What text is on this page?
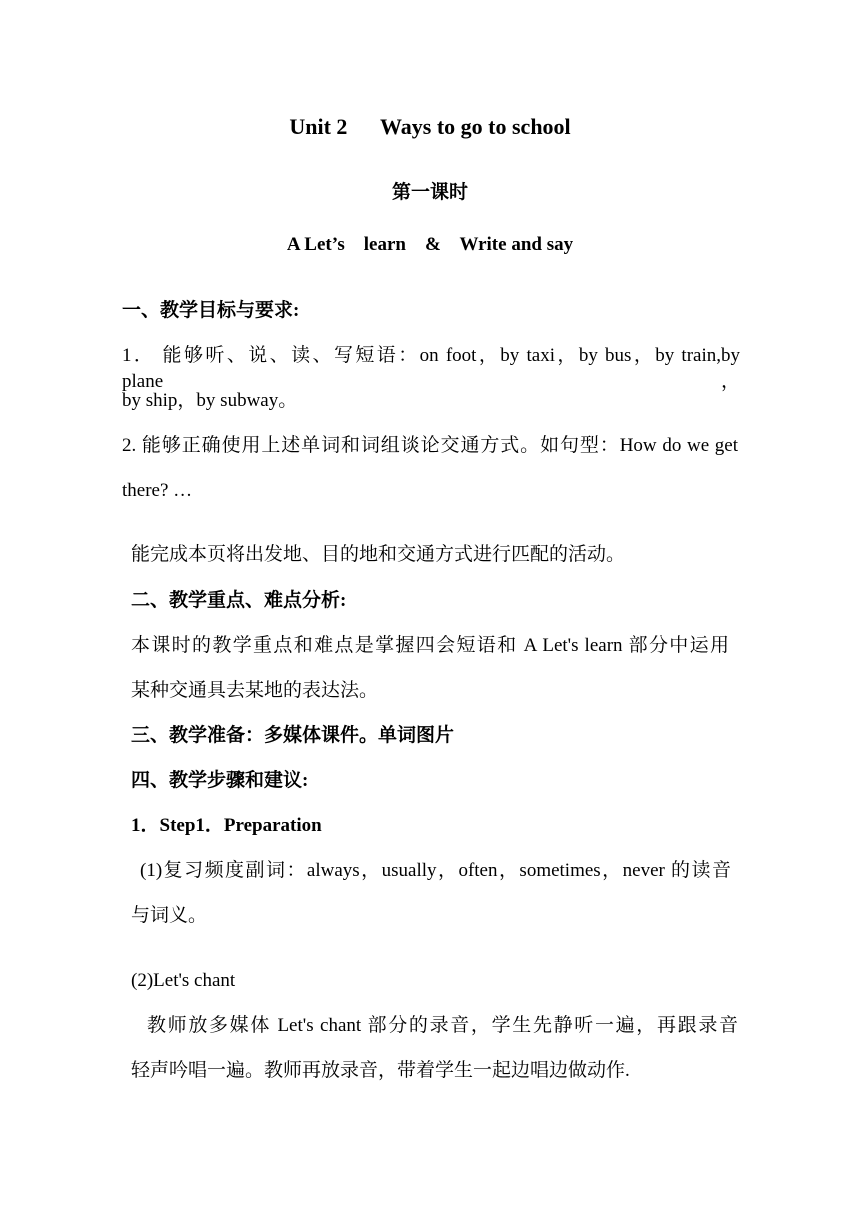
Unit 2      Ways to go to school
第一课时
A Let’s    learn    &    Write and say
一、教学目标与要求:
1． 能够听、说、读、写短语：on foot，by taxi，by bus，by train,by plane，
by ship，by subway。
2. 能够正确使用上述单词和词组谈论交通方式。如句型：How do we get
there? …
能完成本页将出发地、目的地和交通方式进行匹配的活动。
二、教学重点、难点分析:
本课时的教学重点和难点是掌握四会短语和 A Let's learn 部分中运用
某种交通具去某地的表达法。
三、教学准备：多媒体课件。单词图片
四、教学步骤和建议:
1．Step1．Preparation
(1)复习频度副词：always，usually，often，sometimes，never 的读音
与词义。
(2)Let's chant
教师放多媒体 Let's chant 部分的录音，学生先静听一遍，再跟录音
轻声吟唱一遍。教师再放录音，带着学生一起边唱边做动作.
